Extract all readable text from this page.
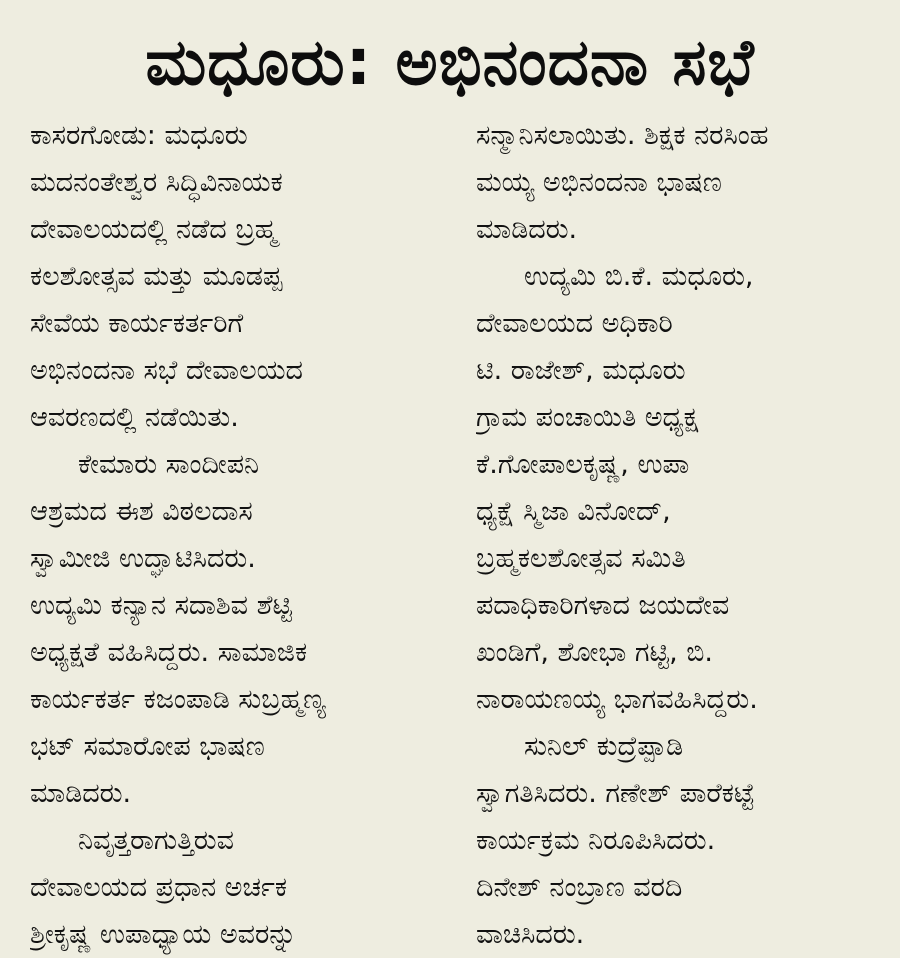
ಮಧೂರು: ಅಭಿನಂದನಾ ಸಭೆ
ಕಾಸರಗೋಡು: ಮಧೂರು
ಮದನಂತೇಶ್ವರ ಸಿದ್ಧಿವಿನಾಯಕ
ದೇವಾಲಯದಲ್ಲಿ ನಡೆದ ಬ್ರಹ್ಮ
ಕಲಶೋತ್ಸವ ಮತ್ತು ಮೂಡಪ್ಪ
ಸೇವೆಯ ಕಾರ್ಯಕರ್ತರಿಗೆ
ಅಭಿನಂದನಾ ಸಭೆ ದೇವಾಲಯದ
ಆವರಣದಲ್ಲಿ ನಡೆಯಿತು.
ಕೇಮಾರು ಸಾಂದೀಪನಿ
ಆಶ್ರಮದ ಈಶ ವಿಠಲದಾಸ
ಸ್ವಾಮೀಜಿ ಉದ್ಘಾಟಿಸಿದರು.
ಉದ್ಯಮಿ ಕನ್ಯಾನ ಸದಾಶಿವ ಶೆಟ್ಟಿ
ಅಧ್ಯಕ್ಷತೆ ವಹಿಸಿದ್ದರು. ಸಾಮಾಜಿಕ
ಕಾರ್ಯಕರ್ತ ಕಜಂಪಾಡಿ ಸುಬ್ರಹ್ಮಣ್ಯ
ಭಟ್ ಸಮಾರೋಪ ಭಾಷಣ
ಮಾಡಿದರು.
ನಿವೃತ್ತರಾಗುತ್ತಿರುವ
ದೇವಾಲಯದ ಪ್ರಧಾನ ಅರ್ಚಕ
ಶ್ರೀಕೃಷ್ಣ ಉಪಾಧ್ಯಾಯ ಅವರನ್ನು
ಸನ್ಮಾನಿಸಲಾಯಿತು. ಶಿಕ್ಷಕ ನರಸಿಂಹ
ಮಯ್ಯ ಅಭಿನಂದನಾ ಭಾಷಣ
ಮಾಡಿದರು.
ಉದ್ಯಮಿ ಬಿ.ಕೆ. ಮಧೂರು,
ದೇವಾಲಯದ ಅಧಿಕಾರಿ
ಟಿ. ರಾಜೇಶ್, ಮಧೂರು
ಗ್ರಾಮ ಪಂಚಾಯಿತಿ ಅಧ್ಯಕ್ಷ
ಕೆ.ಗೋಪಾಲಕೃಷ್ಣ, ಉಪಾ
ಧ್ಯಕ್ಷೆ ಸ್ಮಿಜಾ ವಿನೋದ್,
ಬ್ರಹ್ಮಕಲಶೋತ್ಸವ ಸಮಿತಿ
ಪದಾಧಿಕಾರಿಗಳಾದ ಜಯದೇವ
ಖಂಡಿಗೆ, ಶೋಭಾ ಗಟ್ಟಿ, ಬಿ.
ನಾರಾಯಣಯ್ಯ ಭಾಗವಹಿಸಿದ್ದರು.
ಸುನಿಲ್ ಕುದ್ರೆಪ್ಪಾಡಿ
ಸ್ವಾಗತಿಸಿದರು. ಗಣೇಶ್ ಪಾರೆಕಟ್ಟೆ
ಕಾರ್ಯಕ್ರಮ ನಿರೂಪಿಸಿದರು.
ದಿನೇಶ್ ನಂಬ್ರಾಣ ವರದಿ
ವಾಚಿಸಿದರು.
